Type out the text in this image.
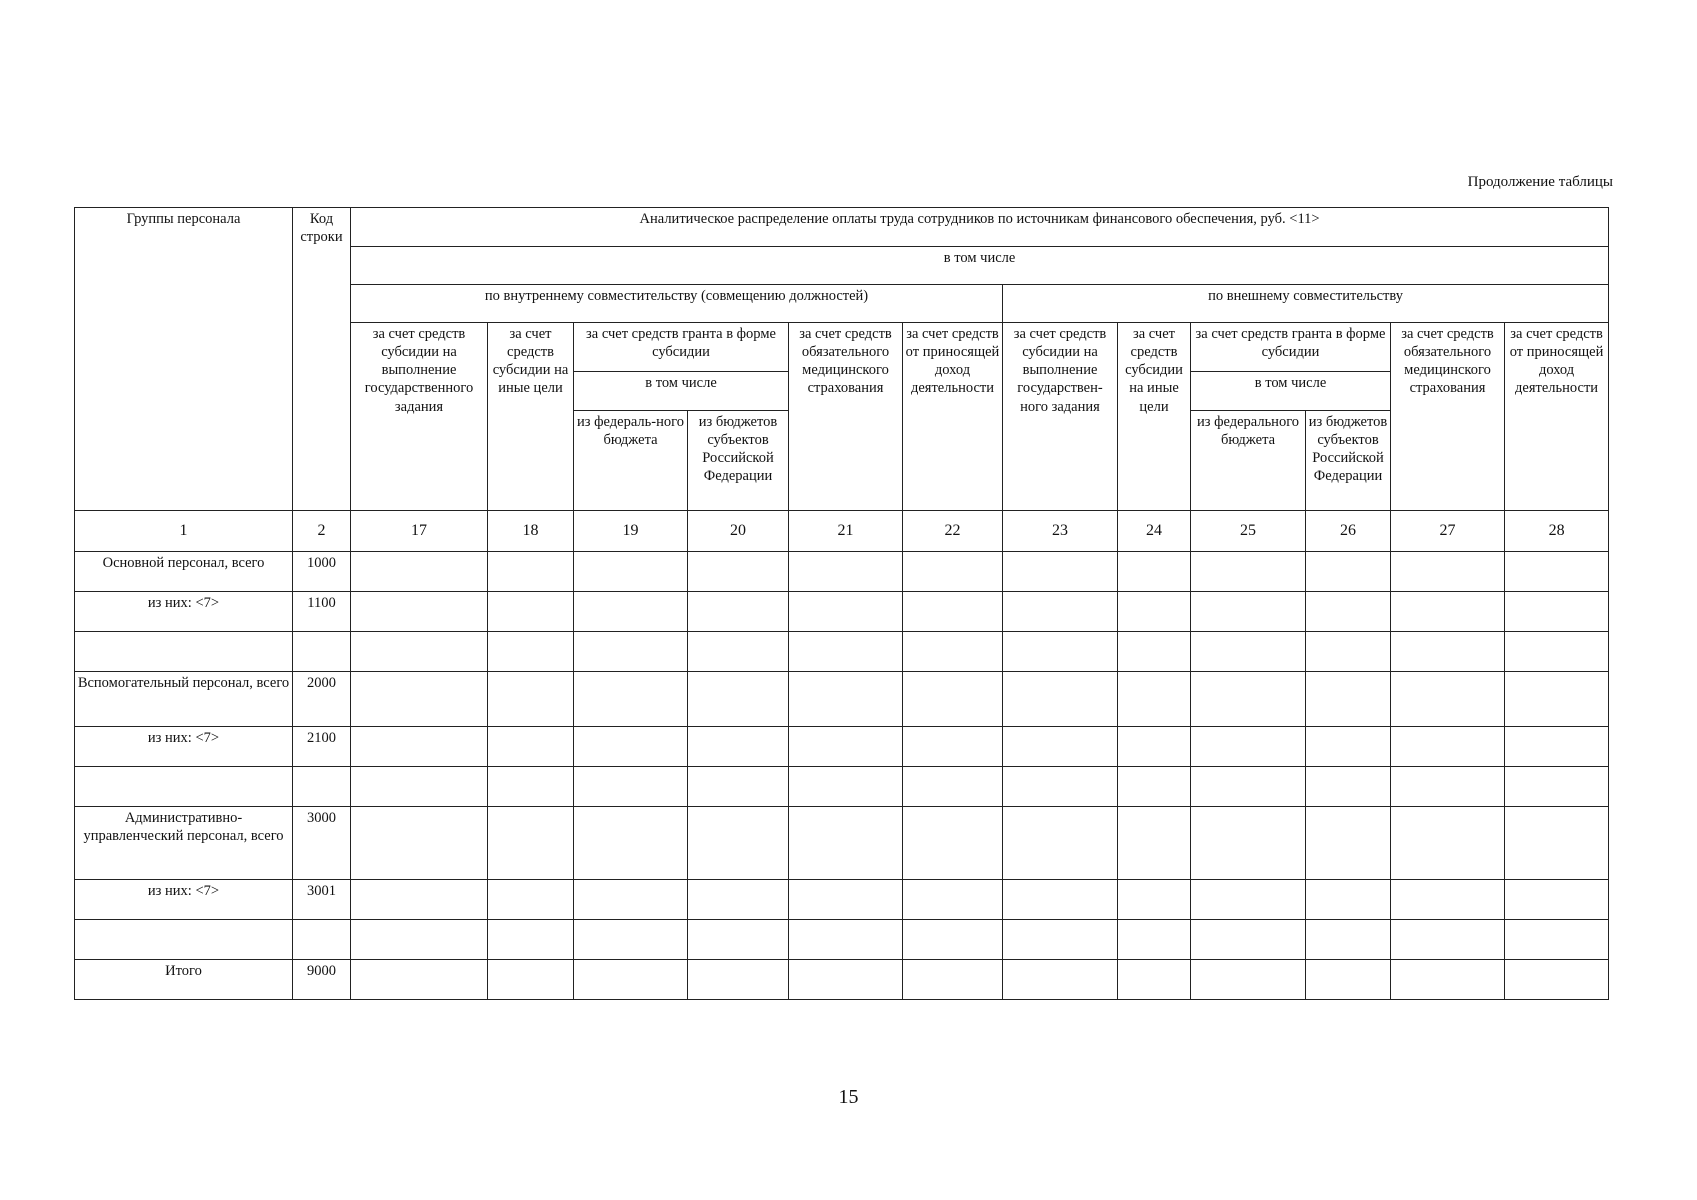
Продолжение таблицы
Группы персонала	Код строки	Аналитическое распределение оплаты труда сотрудников по источникам финансового обеспечения, руб. <11>											
		в том числе											
		по внутреннему совместительству (совмещению должностей)						по внешнему совместительству					
		за счет средств субсидии на выполнение государственного задания	за счет средств субсидии на иные цели	за счет средств гранта в форме субсидии		за счет средств обязательного медицинского страхования	за счет средств от приносящей доход деятельности	за счет средств субсидии на выполнение государствен-ного задания	за счет средств субсидии на иные цели	за счет средств гранта в форме субсидии		за счет средств обязательного медицинского страхования	за счет средств от приносящей доход деятельности
				в том числе						в том числе			
				из федераль-ного бюджета	из бюджетов субъектов Российской Федерации					из федерального бюджета	из бюджетов субъектов Российской Федерации		
1	2	17	18	19	20	21	22	23	24	25	26	27	28
Основной персонал, всего	1000												
из них: <7>	1100												

Вспомогательный персонал, всего	2000												
из них: <7>	2100												

Административно-управленческий персонал, всего	3000												
из них: <7>	3001												

Итого	9000												
15
